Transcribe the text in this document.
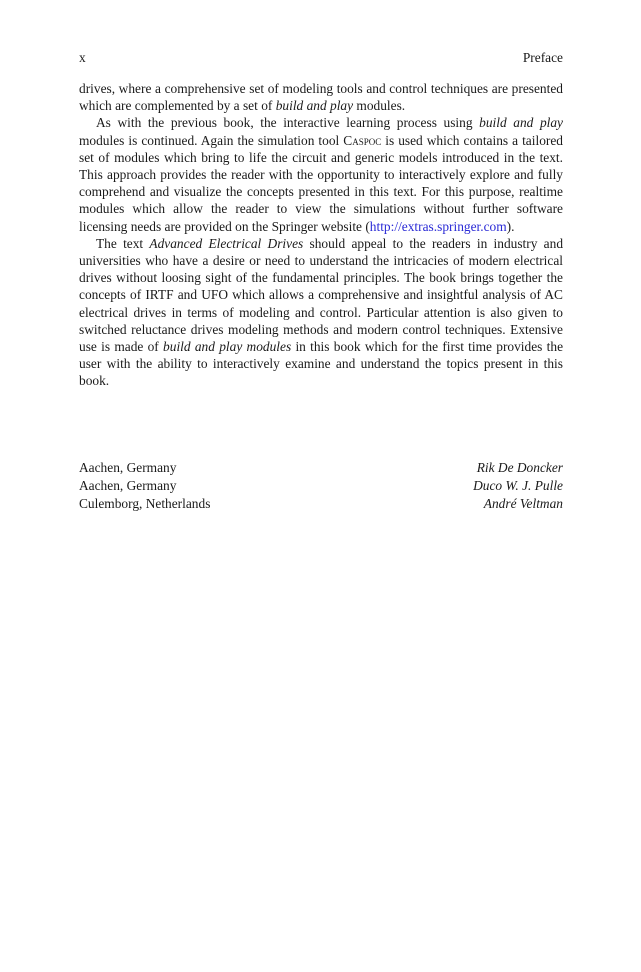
x	Preface

drives, where a comprehensive set of modeling tools and control techniques are presented which are complemented by a set of build and play modules.

As with the previous book, the interactive learning process using build and play modules is continued. Again the simulation tool Caspoc is used which contains a tailored set of modules which bring to life the circuit and generic models introduced in the text. This approach provides the reader with the opportunity to interactively explore and fully comprehend and visualize the concepts presented in this text. For this purpose, realtime modules which allow the reader to view the simulations without further software licensing needs are provided on the Springer website (http://extras.springer.com).

The text Advanced Electrical Drives should appeal to the readers in industry and universities who have a desire or need to understand the intricacies of modern electrical drives without loosing sight of the fundamental principles. The book brings together the concepts of IRTF and UFO which allows a comprehensive and insightful analysis of AC electrical drives in terms of modeling and control. Particular attention is also given to switched reluctance drives modeling methods and modern control techniques. Extensive use is made of build and play modules in this book which for the first time provides the user with the ability to interactively examine and understand the topics present in this book.

Aachen, Germany	Rik De Doncker
Aachen, Germany	Duco W. J. Pulle
Culemborg, Netherlands	André Veltman
